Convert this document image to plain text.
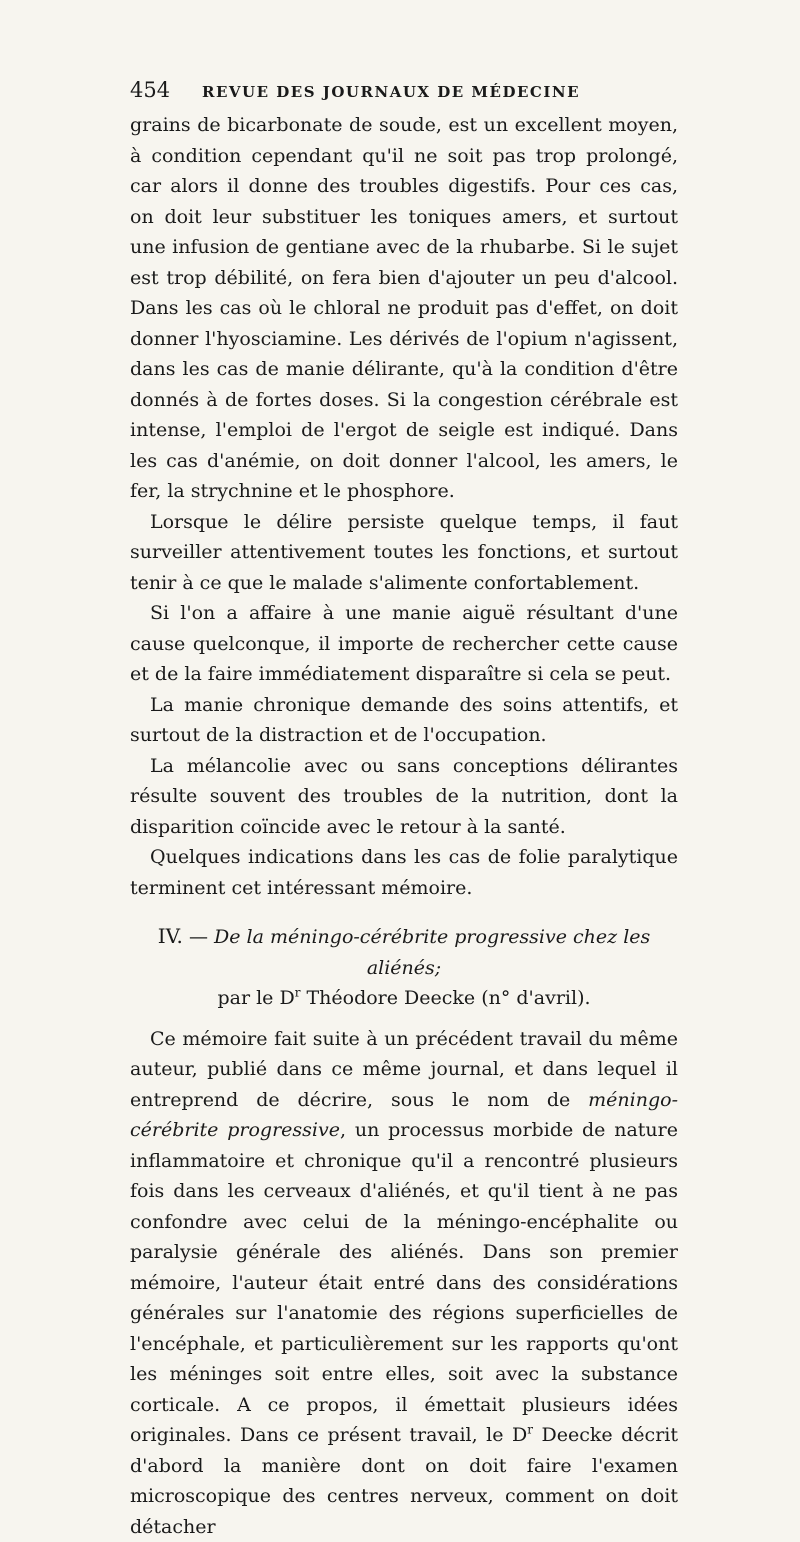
454	REVUE DES JOURNAUX DE MÉDECINE

grains de bicarbonate de soude, est un excellent moyen, à condition cependant qu'il ne soit pas trop prolongé, car alors il donne des troubles digestifs. Pour ces cas, on doit leur substituer les toniques amers, et surtout une infusion de gentiane avec de la rhubarbe. Si le sujet est trop débilité, on fera bien d'ajouter un peu d'alcool. Dans les cas où le chloral ne produit pas d'effet, on doit donner l'hyosciamine. Les dérivés de l'opium n'agissent, dans les cas de manie délirante, qu'à la condition d'être donnés à de fortes doses. Si la congestion cérébrale est intense, l'emploi de l'ergot de seigle est indiqué. Dans les cas d'anémie, on doit donner l'alcool, les amers, le fer, la strychnine et le phosphore.

Lorsque le délire persiste quelque temps, il faut surveiller attentivement toutes les fonctions, et surtout tenir à ce que le malade s'alimente confortablement.

Si l'on a affaire à une manie aiguë résultant d'une cause quelconque, il importe de rechercher cette cause et de la faire immédiatement disparaître si cela se peut.

La manie chronique demande des soins attentifs, et surtout de la distraction et de l'occupation.

La mélancolie avec ou sans conceptions délirantes résulte souvent des troubles de la nutrition, dont la disparition coïncide avec le retour à la santé.

Quelques indications dans les cas de folie paralytique terminent cet intéressant mémoire.

IV. — De la méningo-cérébrite progressive chez les aliénés;
par le $D^r$ Théodore Deecke (n° d'avril).

Ce mémoire fait suite à un précédent travail du même auteur, publié dans ce même journal, et dans lequel il entreprend de décrire, sous le nom de méningo-cérébrite progressive, un processus morbide de nature inflammatoire et chronique qu'il a rencontré plusieurs fois dans les cerveaux d'aliénés, et qu'il tient à ne pas confondre avec celui de la méningo-encéphalite ou paralysie générale des aliénés. Dans son premier mémoire, l'auteur était entré dans des considérations générales sur l'anatomie des régions superficielles de l'encéphale, et particulièrement sur les rapports qu'ont les méninges soit entre elles, soit avec la substance corticale. A ce propos, il émettait plusieurs idées originales. Dans ce présent travail, le $D^r$ Deecke décrit d'abord la manière dont on doit faire l'examen microscopique des centres nerveux, comment on doit détacher
